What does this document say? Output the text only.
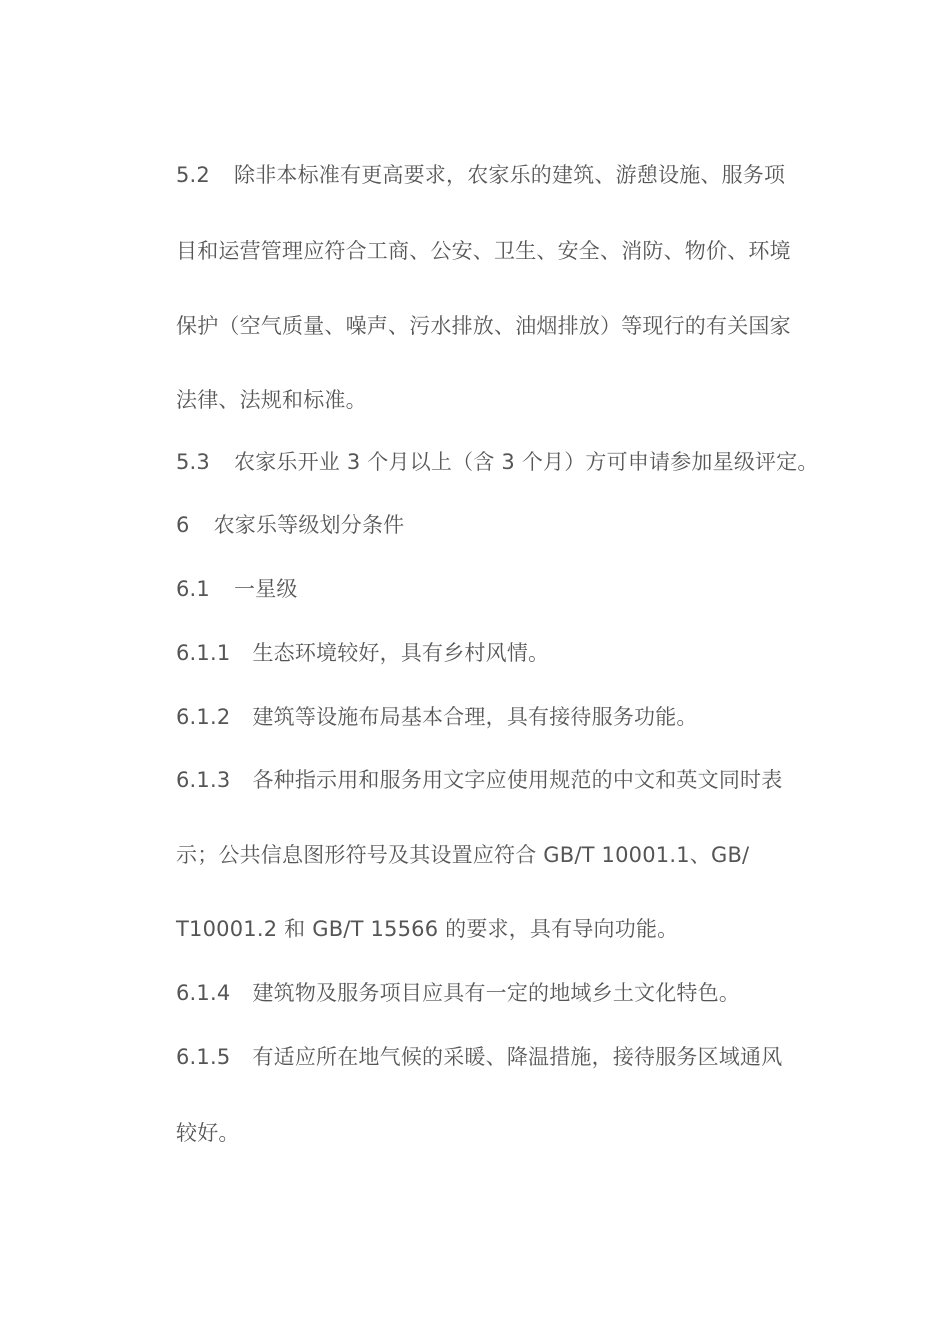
5.2 除非本标准有更高要求，农家乐的建筑、游憩设施、服务项
目和运营管理应符合工商、公安、卫生、安全、消防、物价、环境
保护（空气质量、噪声、污水排放、油烟排放）等现行的有关国家
法律、法规和标准。
5.3 农家乐开业 3 个月以上（含 3 个月）方可申请参加星级评定。
6 农家乐等级划分条件
6.1 一星级
6.1.1 生态环境较好，具有乡村风情。
6.1.2 建筑等设施布局基本合理，具有接待服务功能。
6.1.3 各种指示用和服务用文字应使用规范的中文和英文同时表
示；公共信息图形符号及其设置应符合 GB/T 10001.1、GB/
T10001.2 和 GB/T 15566 的要求，具有导向功能。
6.1.4 建筑物及服务项目应具有一定的地域乡土文化特色。
6.1.5 有适应所在地气候的采暖、降温措施，接待服务区域通风
较好。
